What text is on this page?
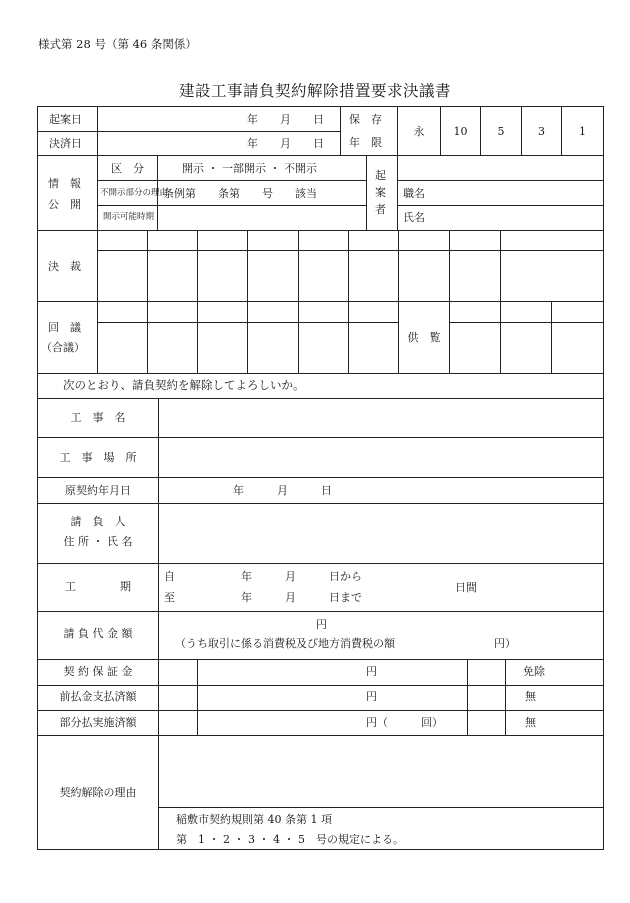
様式第 28 号（第 46 条関係）
建設工事請負契約解除措置要求決議書
起案日	年　　月　　日
決済日	年　　月　　日
保　存
年　限
永	10	5	3	1
情　報
公　開
区　分	開示 ・ 一部開示 ・ 不開示
不開示部分の理由
条例第　　条第　　号　　該当
開示可能時期
起案者
職名
氏名
決　裁
回　議
（合議）
供　覧
次のとおり、請負契約を解除してよろしいか。
工　事　名
工　事　場　所
原契約年月日	年　　　月　　　日
請　負　人
住 所 ・ 氏 名
工　　　　期
自　　　　　　年　　　月　　　日から
至　　　　　　年　　　月　　　日まで
日間
請 負 代 金 額
円
（うち取引に係る消費税及び地方消費税の額　　　　　　　　　円）
契 約 保 証 金	円	免除
前払金支払済額	円	無
部分払実施済額	円（　　　回）	無
契約解除の理由
稲敷市契約規則第 40 条第 1 項
第　1 ・ 2 ・ 3 ・ 4 ・ 5　号の規定による。
